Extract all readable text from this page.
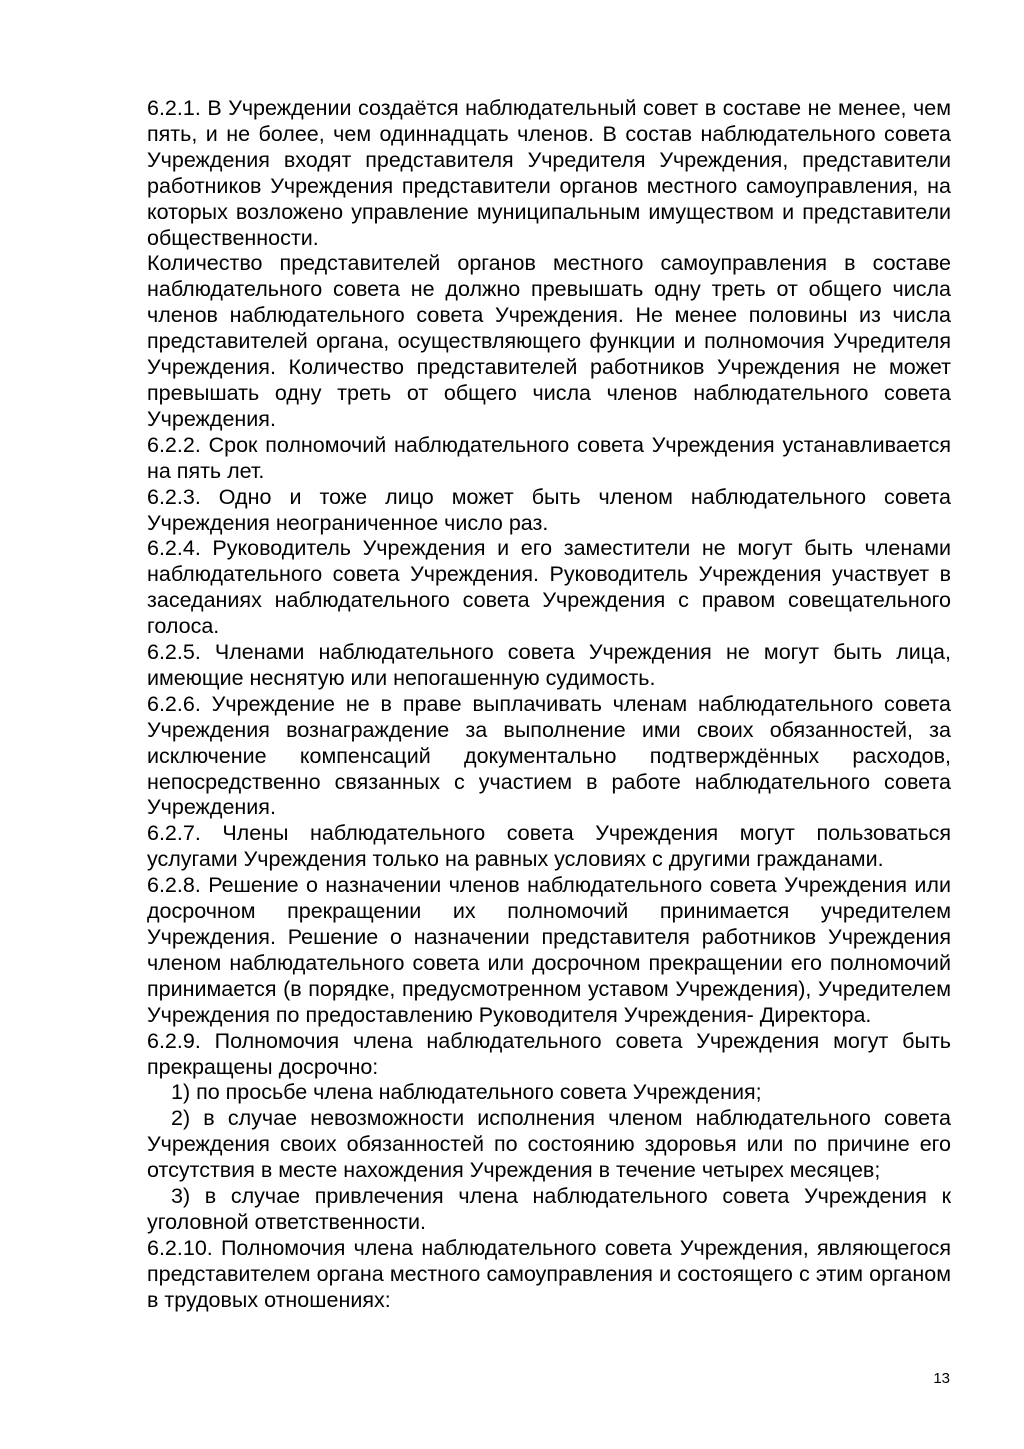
6.2.1. В Учреждении создаётся наблюдательный совет в составе не менее, чем пять, и не более, чем одиннадцать членов. В состав наблюдательного совета Учреждения входят представителя Учредителя Учреждения, представители работников Учреждения представители органов местного самоуправления, на которых возложено управление муниципальным имуществом и представители общественности.

Количество представителей органов местного самоуправления в составе наблюдательного совета не должно превышать одну треть от общего числа членов наблюдательного совета Учреждения. Не менее половины из числа представителей органа, осуществляющего функции и полномочия Учредителя Учреждения. Количество представителей работников Учреждения не может превышать одну треть от общего числа членов наблюдательного совета Учреждения.

6.2.2. Срок полномочий наблюдательного совета Учреждения устанавливается на пять лет.

6.2.3. Одно и тоже лицо может быть членом наблюдательного совета Учреждения неограниченное число раз.

6.2.4. Руководитель Учреждения и его заместители не могут быть членами наблюдательного совета Учреждения. Руководитель Учреждения участвует в заседаниях наблюдательного совета Учреждения с правом совещательного голоса.

6.2.5. Членами наблюдательного совета Учреждения не могут быть лица, имеющие неснятую или непогашенную судимость.

6.2.6. Учреждение не в праве выплачивать членам наблюдательного совета Учреждения вознаграждение за выполнение ими своих обязанностей, за исключение компенсаций документально подтверждённых расходов, непосредственно связанных с участием в работе наблюдательного совета Учреждения.

6.2.7. Члены наблюдательного совета Учреждения могут пользоваться услугами Учреждения только на равных условиях с другими гражданами.

6.2.8. Решение о назначении членов наблюдательного совета Учреждения или досрочном прекращении их полномочий принимается учредителем Учреждения. Решение о назначении представителя работников Учреждения членом наблюдательного совета или досрочном прекращении его полномочий принимается (в порядке, предусмотренном уставом Учреждения), Учредителем Учреждения по предоставлению Руководителя Учреждения- Директора.

6.2.9. Полномочия члена наблюдательного совета Учреждения могут быть прекращены досрочно:

1) по просьбе члена наблюдательного совета Учреждения;

2) в случае невозможности исполнения членом наблюдательного совета Учреждения своих обязанностей по состоянию здоровья или по причине его отсутствия в месте нахождения Учреждения в течение четырех месяцев;

3) в случае привлечения члена наблюдательного совета Учреждения к уголовной ответственности.

6.2.10. Полномочия члена наблюдательного совета Учреждения, являющегося представителем органа местного самоуправления и состоящего с этим органом в трудовых отношениях:

13
